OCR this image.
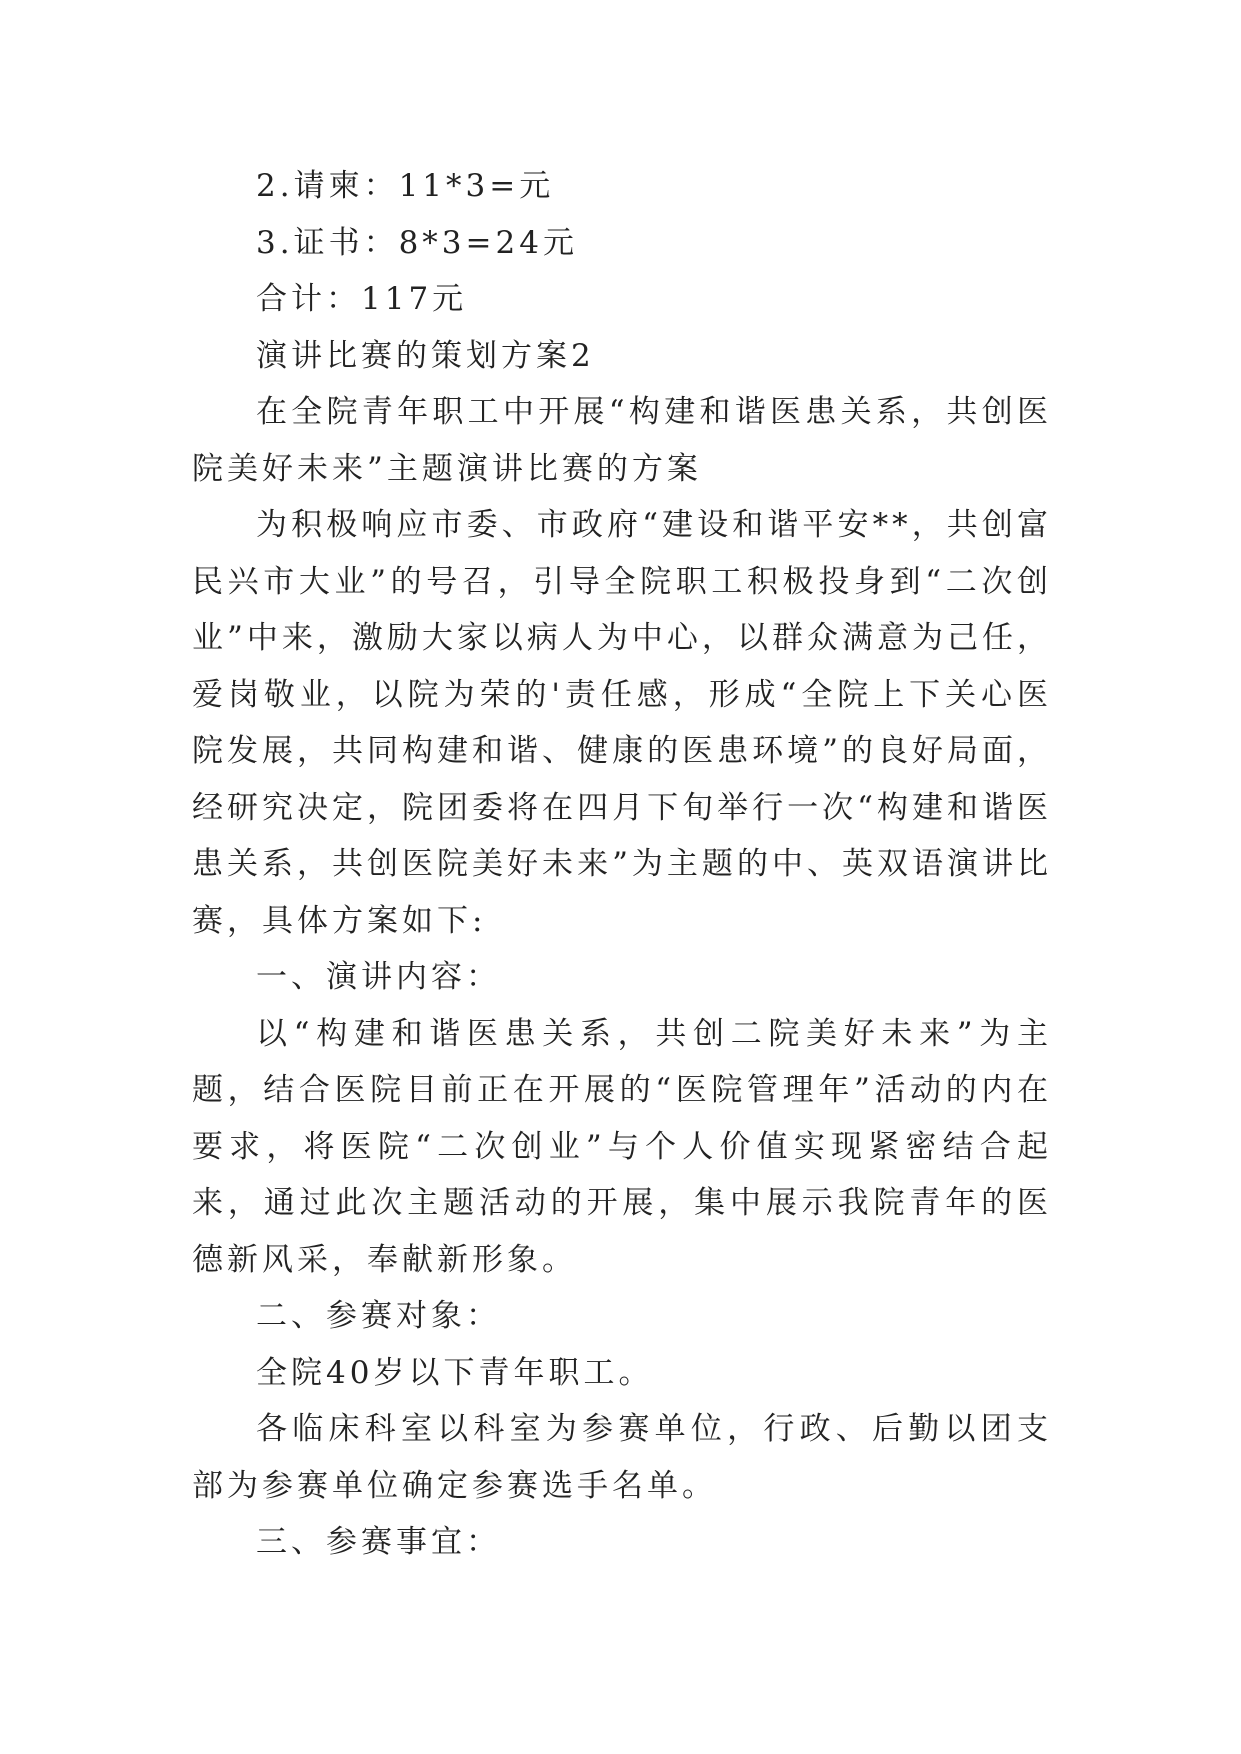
2.请柬：11*3=元

3.证书：8*3=24元

合计：117元

演讲比赛的策划方案2

在全院青年职工中开展“构建和谐医患关系，共创医院美好未来”主题演讲比赛的方案

为积极响应市委、市政府“建设和谐平安**，共创富民兴市大业”的号召，引导全院职工积极投身到“二次创业”中来，激励大家以病人为中心，以群众满意为己任，爱岗敬业，以院为荣的'责任感，形成“全院上下关心医院发展，共同构建和谐、健康的医患环境”的良好局面，经研究决定，院团委将在四月下旬举行一次“构建和谐医患关系，共创医院美好未来”为主题的中、英双语演讲比赛，具体方案如下:

一、演讲内容：

以“构建和谐医患关系，共创二院美好未来”为主题，结合医院目前正在开展的“医院管理年”活动的内在要求，将医院“二次创业”与个人价值实现紧密结合起来，通过此次主题活动的开展，集中展示我院青年的医德新风采，奉献新形象。

二、参赛对象：

全院40岁以下青年职工。

各临床科室以科室为参赛单位，行政、后勤以团支部为参赛单位确定参赛选手名单。

三、参赛事宜：
